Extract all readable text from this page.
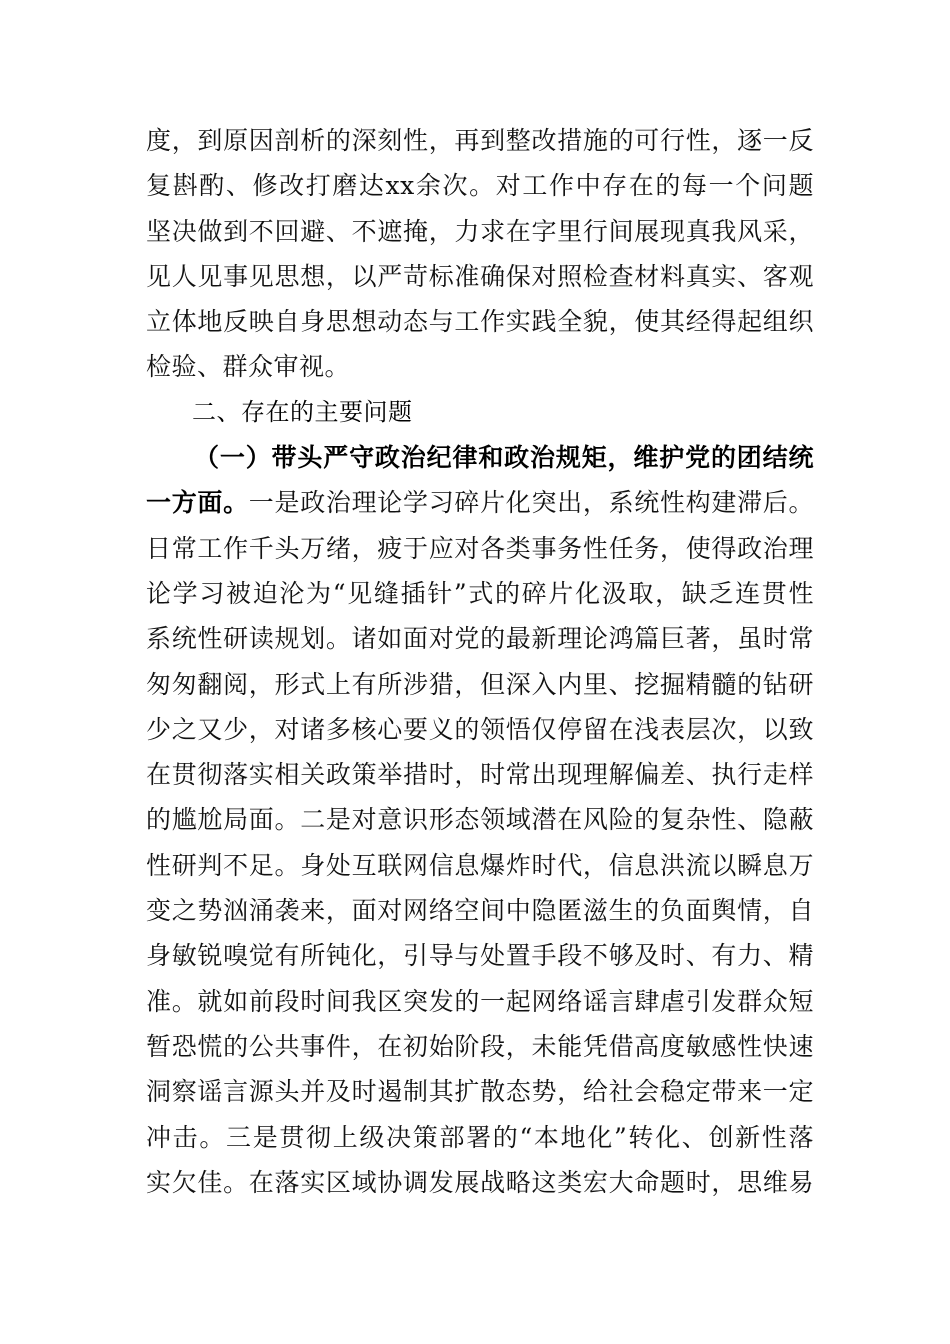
度，到原因剖析的深刻性，再到整改措施的可行性，逐一反
复斟酌、修改打磨达xx余次。对工作中存在的每一个问题
坚决做到不回避、不遮掩，力求在字里行间展现真我风采，
见人见事见思想，以严苛标准确保对照检查材料真实、客观
立体地反映自身思想动态与工作实践全貌，使其经得起组织
检验、群众审视。
二、存在的主要问题
（一）带头严守政治纪律和政治规矩，维护党的团结统
一方面。一是政治理论学习碎片化突出，系统性构建滞后。
日常工作千头万绪，疲于应对各类事务性任务，使得政治理
论学习被迫沦为“见缝插针”式的碎片化汲取，缺乏连贯性
系统性研读规划。诸如面对党的最新理论鸿篇巨著，虽时常
匆匆翻阅，形式上有所涉猎，但深入内里、挖掘精髓的钻研
少之又少，对诸多核心要义的领悟仅停留在浅表层次，以致
在贯彻落实相关政策举措时，时常出现理解偏差、执行走样
的尴尬局面。二是对意识形态领域潜在风险的复杂性、隐蔽
性研判不足。身处互联网信息爆炸时代，信息洪流以瞬息万
变之势汹涌袭来，面对网络空间中隐匿滋生的负面舆情，自
身敏锐嗅觉有所钝化，引导与处置手段不够及时、有力、精
准。就如前段时间我区突发的一起网络谣言肆虐引发群众短
暂恐慌的公共事件，在初始阶段，未能凭借高度敏感性快速
洞察谣言源头并及时遏制其扩散态势，给社会稳定带来一定
冲击。三是贯彻上级决策部署的“本地化”转化、创新性落
实欠佳。在落实区域协调发展战略这类宏大命题时，思维易
